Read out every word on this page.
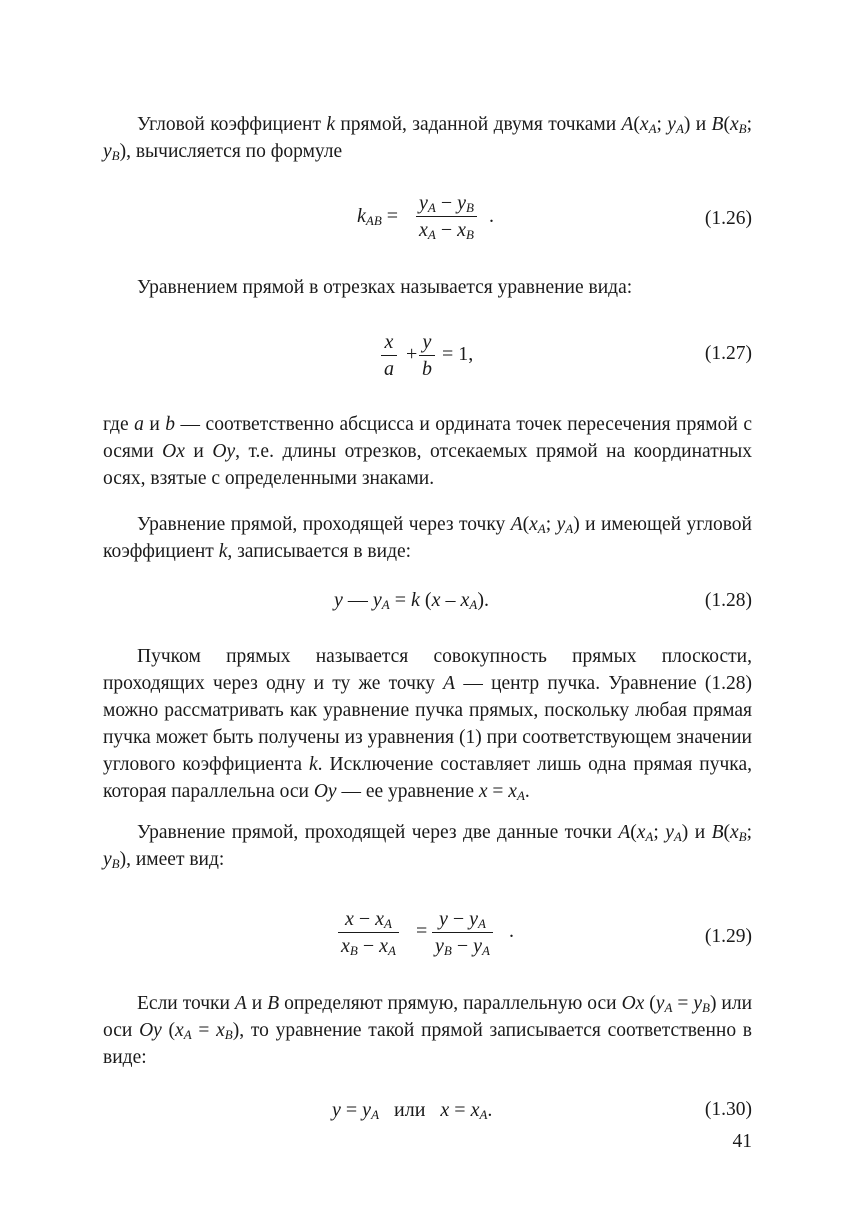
Угловой коэффициент k прямой, заданной двумя точками $A(x_A$; $y_A$) и $B(x_B$; $y_B$), вычисляется по формуле

$k_{AB} = \frac{y_A - y_B}{x_A - x_B}$ .	(1.26)

Уравнением прямой в отрезках называется уравнение вида:

$\frac{x}{a} + \frac{y}{b} = 1$,	(1.27)

где a и b — соответственно абсцисса и ордината точек пересечения прямой с осями Ox и Oy, т.е. длины отрезков, отсекаемых прямой на координатных осях, взятые с определенными знаками.

Уравнение прямой, проходящей через точку $A(x_A$; $y_A$) и имеющей угловой коэффициент k, записывается в виде:

y — $y_A = k$ $(x - x_A)$.	(1.28)

Пучком прямых называется совокупность прямых плоскости, проходящих через одну и ту же точку A — центр пучка. Уравнение (1.28) можно рассматривать как уравнение пучка прямых, поскольку любая прямая пучка может быть получены из уравнения (1) при соответствующем значении углового коэффициента k. Исключение составляет лишь одна прямая пучка, которая параллельна оси Oy — ее уравнение $x = x_A$.

Уравнение прямой, проходящей через две данные точки $A(x_A$; $y_A$) и $B(x_B$; $y_B$), имеет вид:

$\frac{x - x_A}{x_B - x_A} = \frac{y - y_A}{y_B - y_A}$ .	(1.29)

Если точки A и B определяют прямую, параллельную оси Ox $(y_A = y_B)$ или оси Oy $(x_A = x_B)$, то уравнение такой прямой записывается соответственно в виде:

$y = y_A$   или   $x = x_A$.	(1.30)
41
